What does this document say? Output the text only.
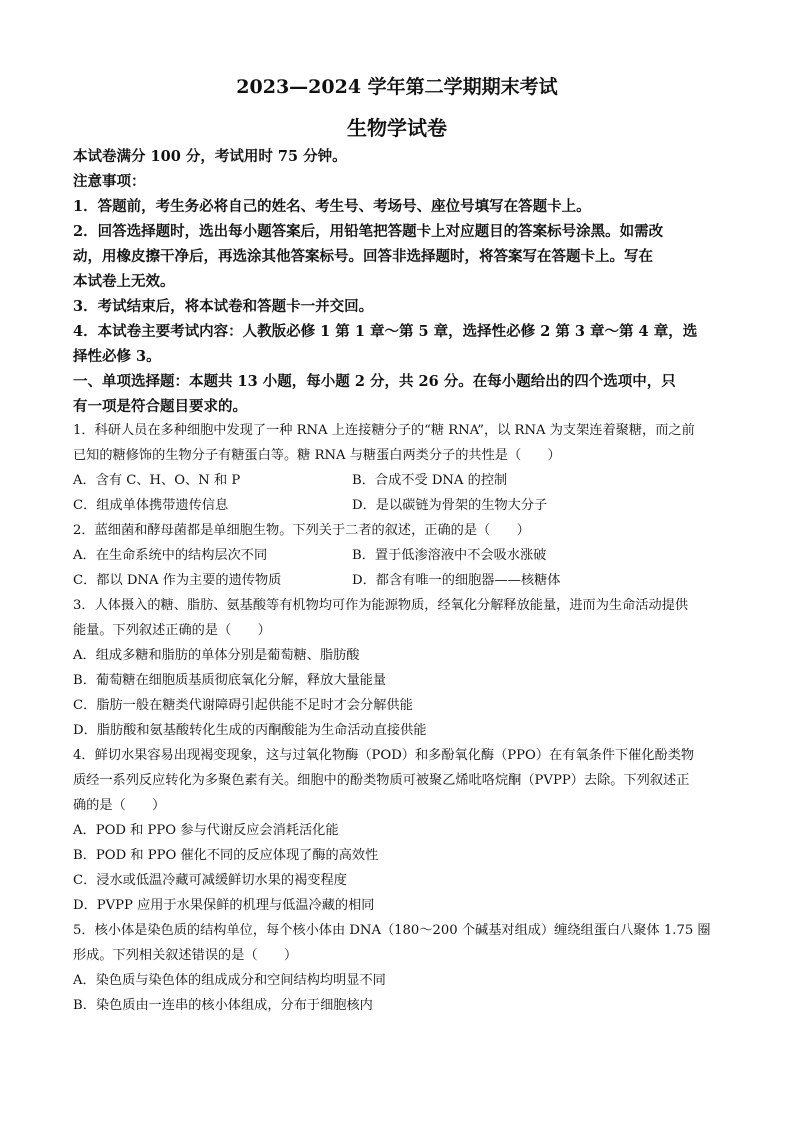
2023—2024 学年第二学期期末考试
生物学试卷
本试卷满分 100 分，考试用时 75 分钟。
注意事项：
1．答题前，考生务必将自己的姓名、考生号、考场号、座位号填写在答题卡上。
2．回答选择题时，选出每小题答案后，用铅笔把答题卡上对应题目的答案标号涂黑。如需改
动，用橡皮擦干净后，再选涂其他答案标号。回答非选择题时，将答案写在答题卡上。写在
本试卷上无效。
3．考试结束后，将本试卷和答题卡一并交回。
4．本试卷主要考试内容：人教版必修 1 第 1 章～第 5 章，选择性必修 2 第 3 章～第 4 章，选
择性必修 3。
一、单项选择题：本题共 13 小题，每小题 2 分，共 26 分。在每小题给出的四个选项中，只
有一项是符合题目要求的。
1．科研人员在多种细胞中发现了一种 RNA 上连接糖分子的“糖 RNA”，以 RNA 为支架连着聚糖，而之前
已知的糖修饰的生物分子有糖蛋白等。糖 RNA 与糖蛋白两类分子的共性是（　　）
A．含有 C、H、O、N 和 P	B．合成不受 DNA 的控制
C．组成单体携带遗传信息	D．是以碳链为骨架的生物大分子
2．蓝细菌和酵母菌都是单细胞生物。下列关于二者的叙述，正确的是（　　）
A．在生命系统中的结构层次不同	B．置于低渗溶液中不会吸水涨破
C．都以 DNA 作为主要的遗传物质	D．都含有唯一的细胞器——核糖体
3．人体摄入的糖、脂肪、氨基酸等有机物均可作为能源物质，经氧化分解释放能量，进而为生命活动提供
能量。下列叙述正确的是（　　）
A．组成多糖和脂肪的单体分别是葡萄糖、脂肪酸
B．葡萄糖在细胞质基质彻底氧化分解，释放大量能量
C．脂肪一般在糖类代谢障碍引起供能不足时才会分解供能
D．脂肪酸和氨基酸转化生成的丙酮酸能为生命活动直接供能
4．鲜切水果容易出现褐变现象，这与过氧化物酶（POD）和多酚氧化酶（PPO）在有氧条件下催化酚类物
质经一系列反应转化为多聚色素有关。细胞中的酚类物质可被聚乙烯吡咯烷酮（PVPP）去除。下列叙述正
确的是（　　）
A．POD 和 PPO 参与代谢反应会消耗活化能
B．POD 和 PPO 催化不同的反应体现了酶的高效性
C．浸水或低温冷藏可减缓鲜切水果的褐变程度
D．PVPP 应用于水果保鲜的机理与低温冷藏的相同
5．核小体是染色质的结构单位，每个核小体由 DNA（180～200 个碱基对组成）缠绕组蛋白八聚体 1.75 圈
形成。下列相关叙述错误的是（　　）
A．染色质与染色体的组成成分和空间结构均明显不同
B．染色质由一连串的核小体组成，分布于细胞核内
